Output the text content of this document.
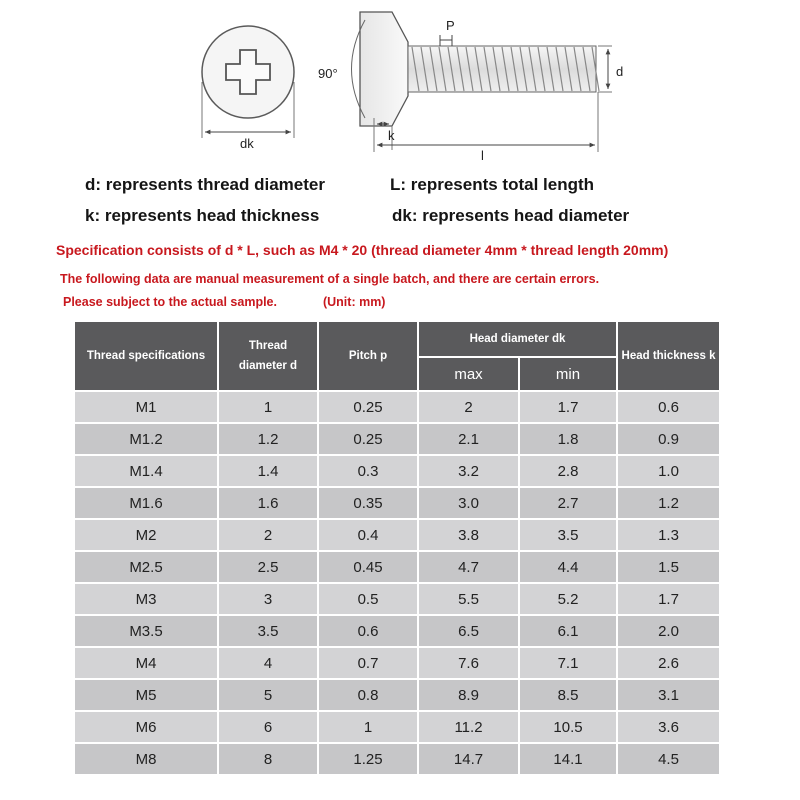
dk
P
d
90°
k
l
d: represents thread diameter	L: represents total length
k: represents head thickness	dk: represents head diameter
Specification consists of d * L, such as M4 * 20 (thread diameter 4mm * thread length 20mm)
The following data are manual measurement of a single batch, and there are certain errors.
Please subject to the actual sample.	(Unit: mm)
Thread specifications	Thread diameter d	Pitch p	Head diameter dk		Head thickness k
			max	min	
M1	1	0.25	2	1.7	0.6
M1.2	1.2	0.25	2.1	1.8	0.9
M1.4	1.4	0.3	3.2	2.8	1.0
M1.6	1.6	0.35	3.0	2.7	1.2
M2	2	0.4	3.8	3.5	1.3
M2.5	2.5	0.45	4.7	4.4	1.5
M3	3	0.5	5.5	5.2	1.7
M3.5	3.5	0.6	6.5	6.1	2.0
M4	4	0.7	7.6	7.1	2.6
M5	5	0.8	8.9	8.5	3.1
M6	6	1	11.2	10.5	3.6
M8	8	1.25	14.7	14.1	4.5
